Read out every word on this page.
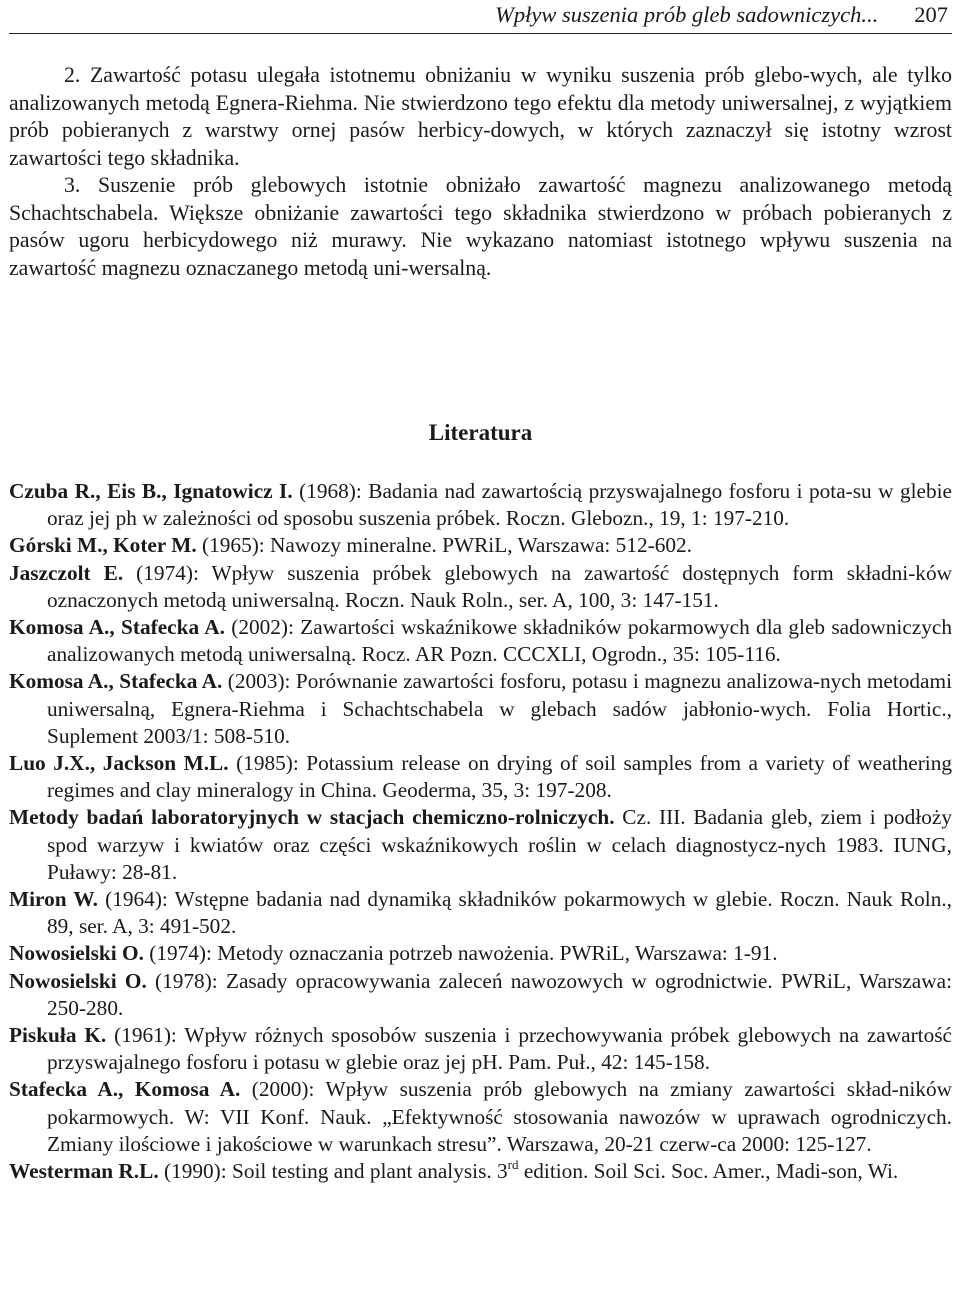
Wpływ suszenia prób gleb sadowniczych... 207

2. Zawartość potasu ulegała istotnemu obniżaniu w wyniku suszenia prób glebo-wych, ale tylko analizowanych metodą Egnera-Riehma. Nie stwierdzono tego efektu dla metody uniwersalnej, z wyjątkiem prób pobieranych z warstwy ornej pasów herbicy-dowych, w których zaznaczył się istotny wzrost zawartości tego składnika.

3. Suszenie prób glebowych istotnie obniżało zawartość magnezu analizowanego metodą Schachtschabela. Większe obniżanie zawartości tego składnika stwierdzono w próbach pobieranych z pasów ugoru herbicydowego niż murawy. Nie wykazano natomiast istotnego wpływu suszenia na zawartość magnezu oznaczanego metodą uni-wersalną.

Literatura

Czuba R., Eis B., Ignatowicz I. (1968): Badania nad zawartością przyswajalnego fosforu i pota-su w glebie oraz jej ph w zależności od sposobu suszenia próbek. Roczn. Glebozn., 19, 1: 197-210.

Górski M., Koter M. (1965): Nawozy mineralne. PWRiL, Warszawa: 512-602.

Jaszczolt E. (1974): Wpływ suszenia próbek glebowych na zawartość dostępnych form składni-ków oznaczonych metodą uniwersalną. Roczn. Nauk Roln., ser. A, 100, 3: 147-151.

Komosa A., Stafecka A. (2002): Zawartości wskaźnikowe składników pokarmowych dla gleb sadowniczych analizowanych metodą uniwersalną. Rocz. AR Pozn. CCCXLI, Ogrodn., 35: 105-116.

Komosa A., Stafecka A. (2003): Porównanie zawartości fosforu, potasu i magnezu analizowa-nych metodami uniwersalną, Egnera-Riehma i Schachtschabela w glebach sadów jabłonio-wych. Folia Hortic., Suplement 2003/1: 508-510.

Luo J.X., Jackson M.L. (1985): Potassium release on drying of soil samples from a variety of weathering regimes and clay mineralogy in China. Geoderma, 35, 3: 197-208.

Metody badań laboratoryjnych w stacjach chemiczno-rolniczych. Cz. III. Badania gleb, ziem i podłoży spod warzyw i kwiatów oraz części wskaźnikowych roślin w celach diagnostycz-nych 1983. IUNG, Puławy: 28-81.

Miron W. (1964): Wstępne badania nad dynamiką składników pokarmowych w glebie. Roczn. Nauk Roln., 89, ser. A, 3: 491-502.

Nowosielski O. (1974): Metody oznaczania potrzeb nawożenia. PWRiL, Warszawa: 1-91.

Nowosielski O. (1978): Zasady opracowywania zaleceń nawozowych w ogrodnictwie. PWRiL, Warszawa: 250-280.

Piskuła K. (1961): Wpływ różnych sposobów suszenia i przechowywania próbek glebowych na zawartość przyswajalnego fosforu i potasu w glebie oraz jej pH. Pam. Puł., 42: 145-158.

Stafecka A., Komosa A. (2000): Wpływ suszenia prób glebowych na zmiany zawartości skład-ników pokarmowych. W: VII Konf. Nauk. „Efektywność stosowania nawozów w uprawach ogrodniczych. Zmiany ilościowe i jakościowe w warunkach stresu”. Warszawa, 20-21 czerw-ca 2000: 125-127.

Westerman R.L. (1990): Soil testing and plant analysis. 3rd edition. Soil Sci. Soc. Amer., Madi-son, Wi.
